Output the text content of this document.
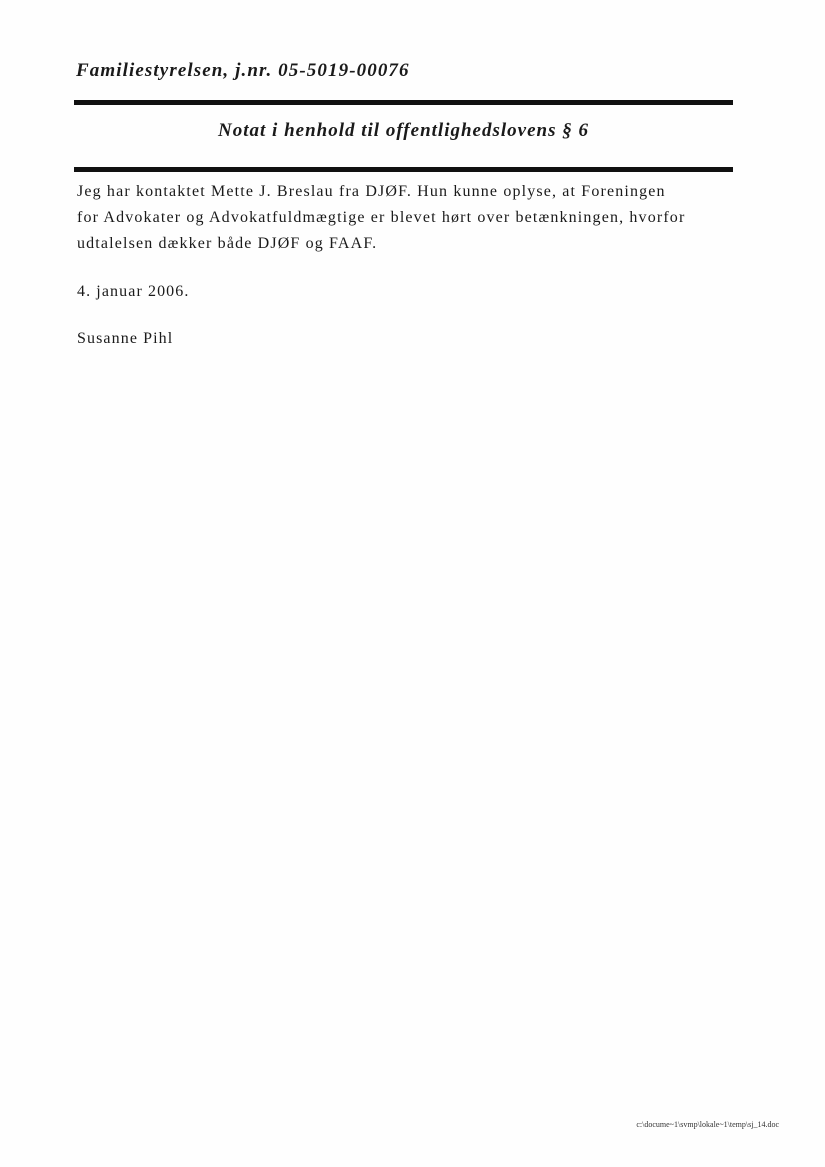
Familiestyrelsen, j.nr. 05-5019-00076
Notat i henhold til offentlighedslovens § 6
Jeg har kontaktet Mette J. Breslau fra DJØF. Hun kunne oplyse, at Foreningen
for Advokater og Advokatfuldmægtige er blevet hørt over betænkningen, hvorfor
udtalelsen dækker både DJØF og FAAF.
4. januar 2006.
Susanne Pihl
c:\docume~1\svmp\lokale~1\temp\sj_14.doc
